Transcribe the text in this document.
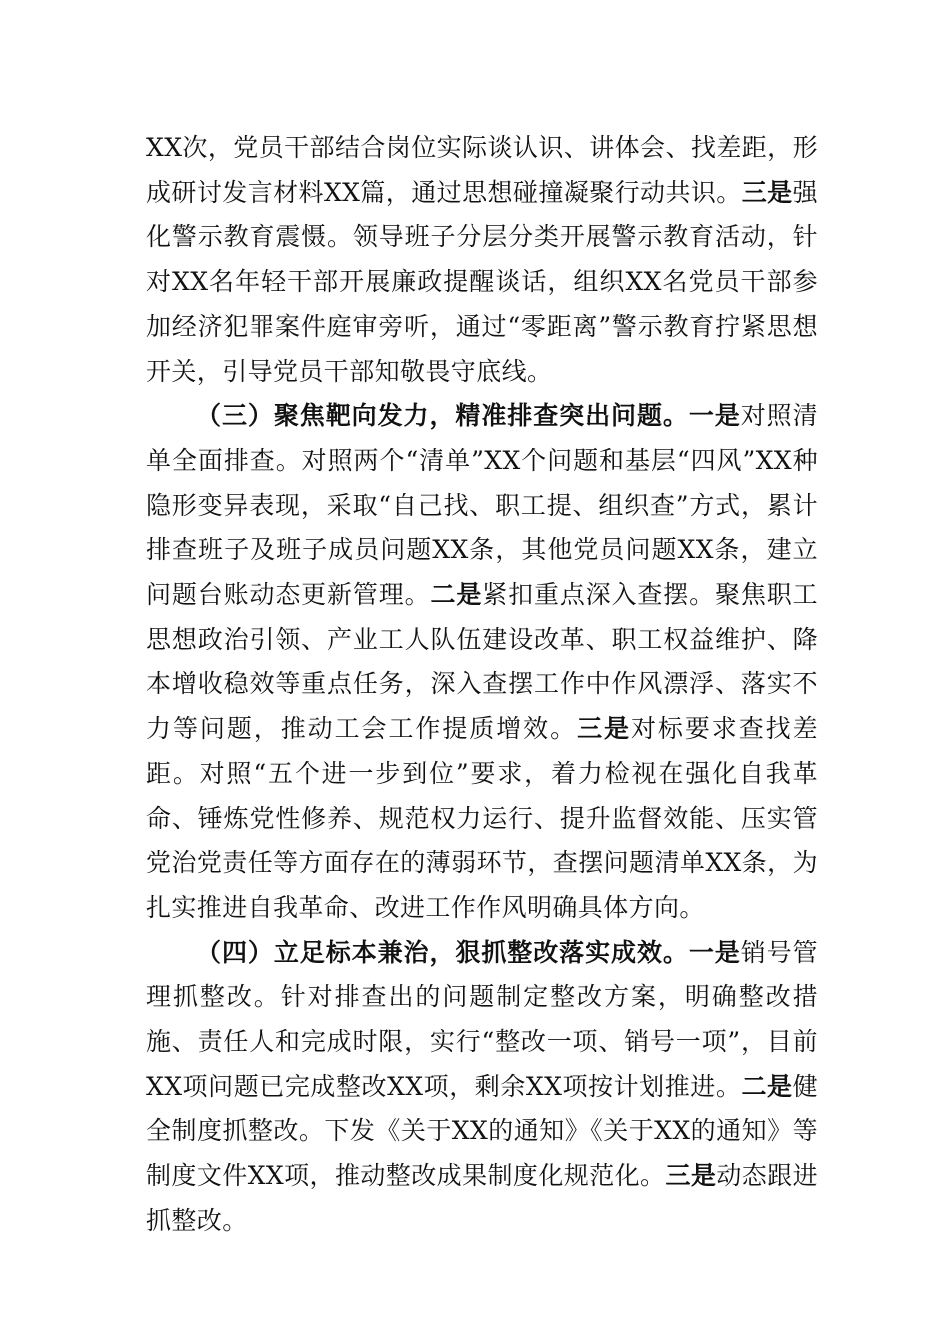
XX次，党员干部结合岗位实际谈认识、讲体会、找差距，形成研讨发言材料XX篇，通过思想碰撞凝聚行动共识。三是强化警示教育震慑。领导班子分层分类开展警示教育活动，针对XX名年轻干部开展廉政提醒谈话，组织XX名党员干部参加经济犯罪案件庭审旁听，通过“零距离”警示教育拧紧思想开关，引导党员干部知敬畏守底线。

（三）聚焦靶向发力，精准排查突出问题。一是对照清单全面排查。对照两个“清单”XX个问题和基层“四风”XX种隐形变异表现，采取“自己找、职工提、组织查”方式，累计排查班子及班子成员问题XX条，其他党员问题XX条，建立问题台账动态更新管理。二是紧扣重点深入查摆。聚焦职工思想政治引领、产业工人队伍建设改革、职工权益维护、降本增收稳效等重点任务，深入查摆工作中作风漂浮、落实不力等问题，推动工会工作提质增效。三是对标要求查找差距。对照“五个进一步到位”要求，着力检视在强化自我革命、锤炼党性修养、规范权力运行、提升监督效能、压实管党治党责任等方面存在的薄弱环节，查摆问题清单XX条，为扎实推进自我革命、改进工作作风明确具体方向。

（四）立足标本兼治，狠抓整改落实成效。一是销号管理抓整改。针对排查出的问题制定整改方案，明确整改措施、责任人和完成时限，实行“整改一项、销号一项”，目前XX项问题已完成整改XX项，剩余XX项按计划推进。二是健全制度抓整改。下发《关于XX的通知》《关于XX的通知》等制度文件XX项，推动整改成果制度化规范化。三是动态跟进抓整改。
